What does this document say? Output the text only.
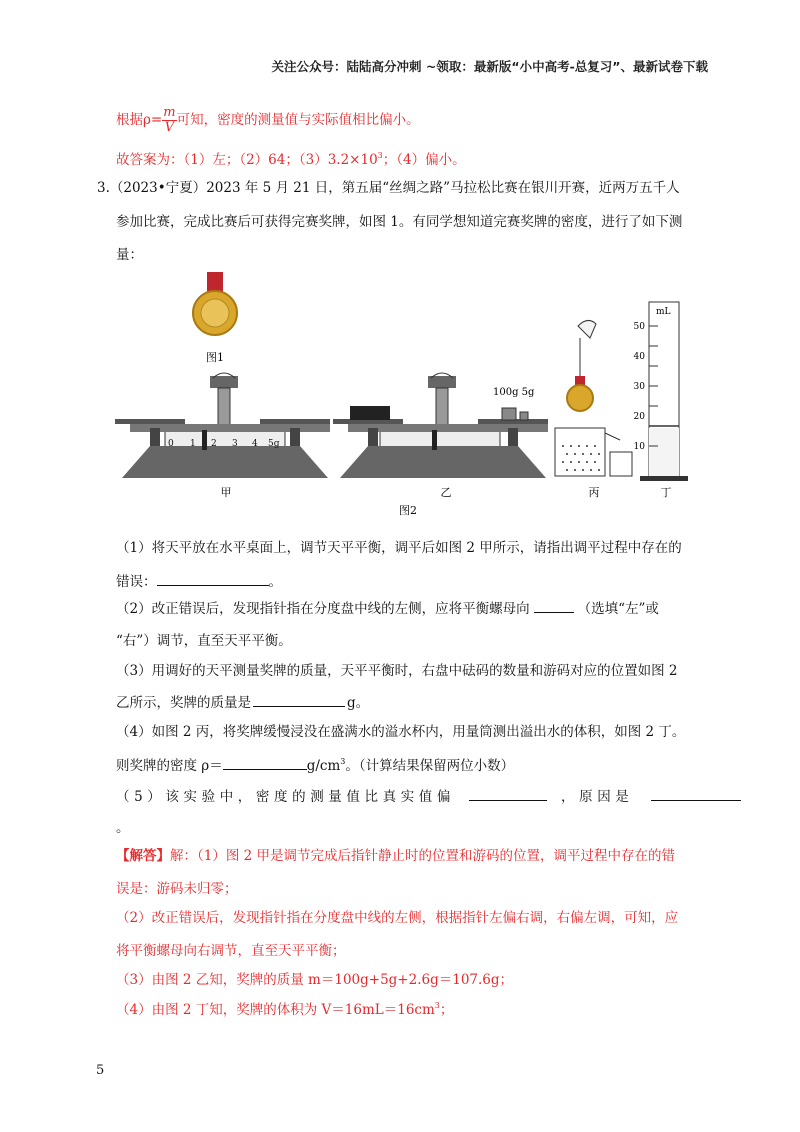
关注公众号：陆陆高分冲刺 ~领取：最新版“小中高考-总复习”、最新试卷下载
根据$\rho= \frac{m}{V}$ 可知，密度的测量值与实际值相比偏小。
故答案为：（1）左；（2）64；$(3)3.2\times 10^3$；（4）偏小。
3.（2023•宁夏）2023 年 5 月 21 日，第五届“丝绸之路”马拉松比赛在银川开赛，近两万五千人
参加比赛，完成比赛后可获得完赛奖牌，如图 1。有同学想知道完赛奖牌的密度，进行了如下测
量：
图1
0 1 2 3 4 5g
100g 5g
mL
50
40
30
20
10
甲	乙	丙	丁
图2
（1）将天平放在水平桌面上，调节天平平衡，调平后如图 2 甲所示，请指出调平过程中存在的
错误：	。
（2）改正错误后，发现指针指在分度盘中线的左侧，应将平衡螺母向	（选填“左”或
“右”）调节，直至天平平衡。
（3）用调好的天平测量奖牌的质量，天平平衡时，右盘中砝码的数量和游码对应的位置如图 2
乙所示，奖牌的质量是	g。
（4）如图 2 丙，将奖牌缓慢浸没在盛满水的溢水杯内，用量筒测出溢出水的体积，如图 2 丁。
则奖牌的密度 ρ＝	$g/cm^3$。（计算结果保留两位小数）
（5）该实验中，密度的测量值比真实值偏	，原因是
。
【解答】解：（1）图 2 甲是调节完成后指针静止时的位置和游码的位置，调平过程中存在的错
误是：游码未归零；
（2）改正错误后，发现指针指在分度盘中线的左侧，根据指针左偏右调，右偏左调，可知，应
将平衡螺母向右调节，直至天平平衡；
（3）由图 2 乙知，奖牌的质量 m＝100g+5g+2.6g＝107.6g；
（4）由图 2 丁知，奖牌的体积为 $V=16mL=16cm^3$；
5
